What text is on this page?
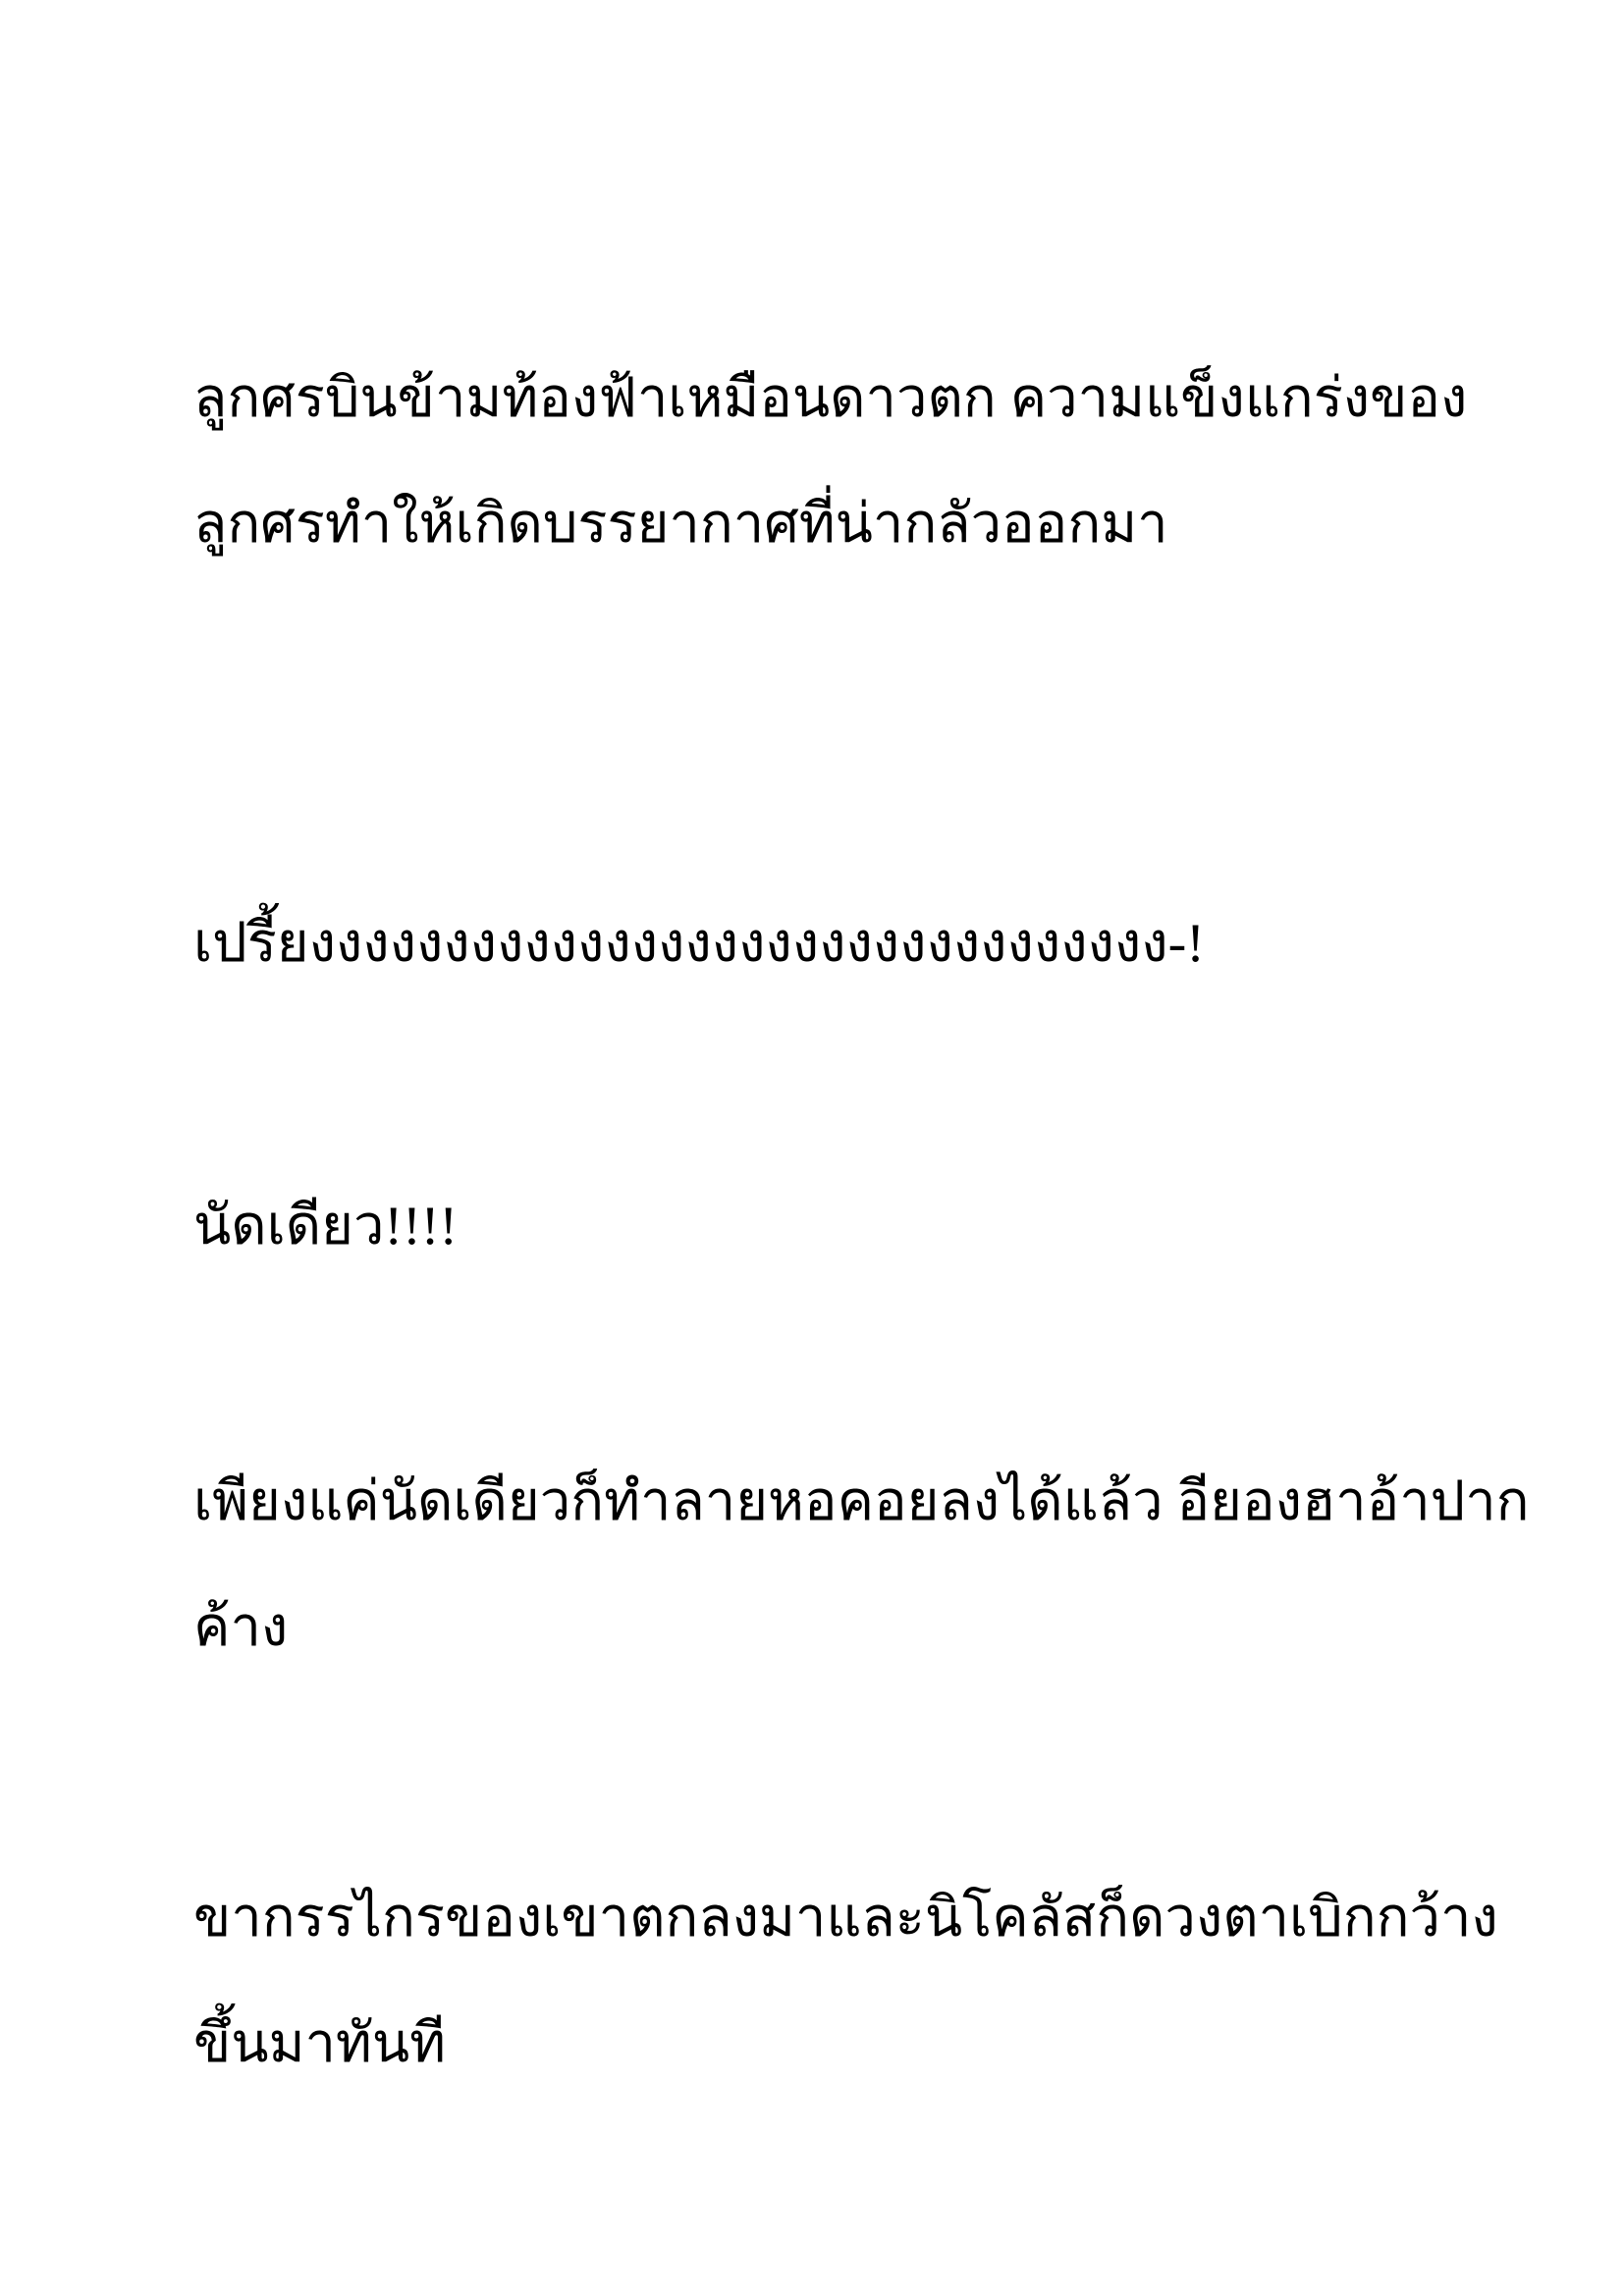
ลูกศรบินข้ามท้องฟ้าเหมือนดาวตก ความแข็งแกร่งของ
ลูกศรทำให้เกิดบรรยากาศที่น่ากลัวออกมา

เปรี้ยงงงงงงงงงงงงงงงงงงงงงงงงงงงงงงงง-!

นัดเดียว!!!!

เพียงแค่นัดเดียวก็ทำลายหอคอยลงได้แล้ว อียองฮาอ้าปาก
ค้าง

ขากรรไกรของเขาตกลงมาและนิโคลัสก็ดวงตาเบิกกว้าง
ขึ้นมาทันที
